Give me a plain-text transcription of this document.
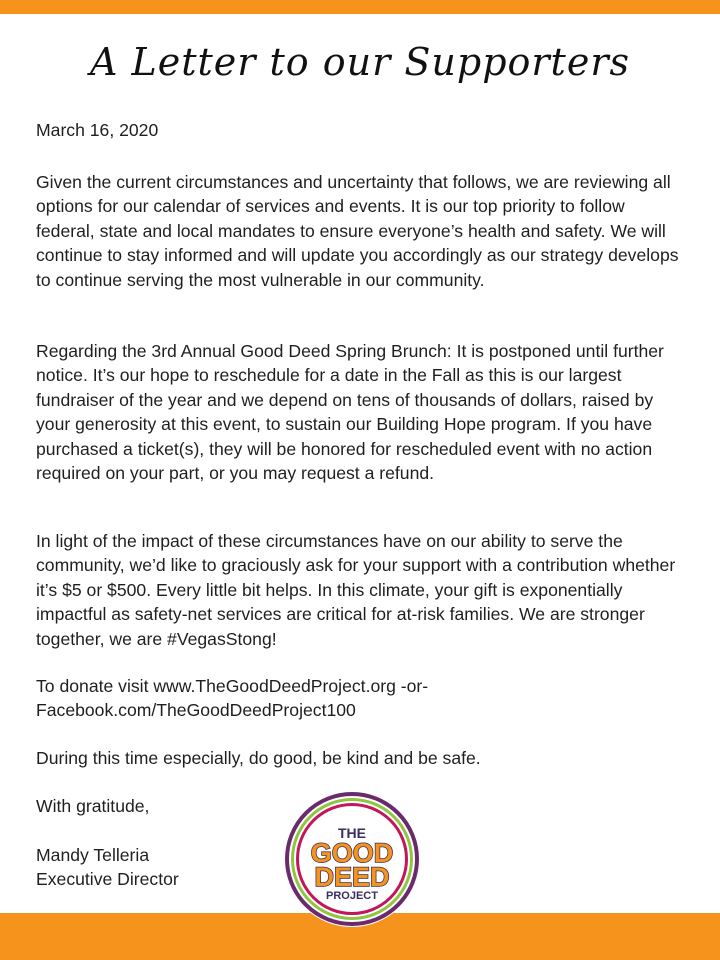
A Letter to our Supporters

March 16, 2020

Given the current circumstances and uncertainty that follows, we are reviewing all options for our calendar of services and events. It is our top priority to follow federal, state and local mandates to ensure everyone’s health and safety. We will continue to stay informed and will update you accordingly as our strategy develops to continue serving the most vulnerable in our community.

Regarding the 3rd Annual Good Deed Spring Brunch: It is postponed until further notice. It’s our hope to reschedule for a date in the Fall as this is our largest fundraiser of the year and we depend on tens of thousands of dollars, raised by your generosity at this event, to sustain our Building Hope program. If you have purchased a ticket(s), they will be honored for rescheduled event with no action required on your part, or you may request a refund.

In light of the impact of these circumstances have on our ability to serve the community, we’d like to graciously ask for your support with a contribution whether it’s $5 or $500. Every little bit helps. In this climate, your gift is exponentially impactful as safety-net services are critical for at-risk families. We are stronger together, we are #VegasStong!

To donate visit www.TheGoodDeedProject.org -or-

Facebook.com/TheGoodDeedProject100

During this time especially, do good, be kind and be safe.

With gratitude,

Mandy Telleria

Executive Director

THE
GOOD
DEED
PROJECT
